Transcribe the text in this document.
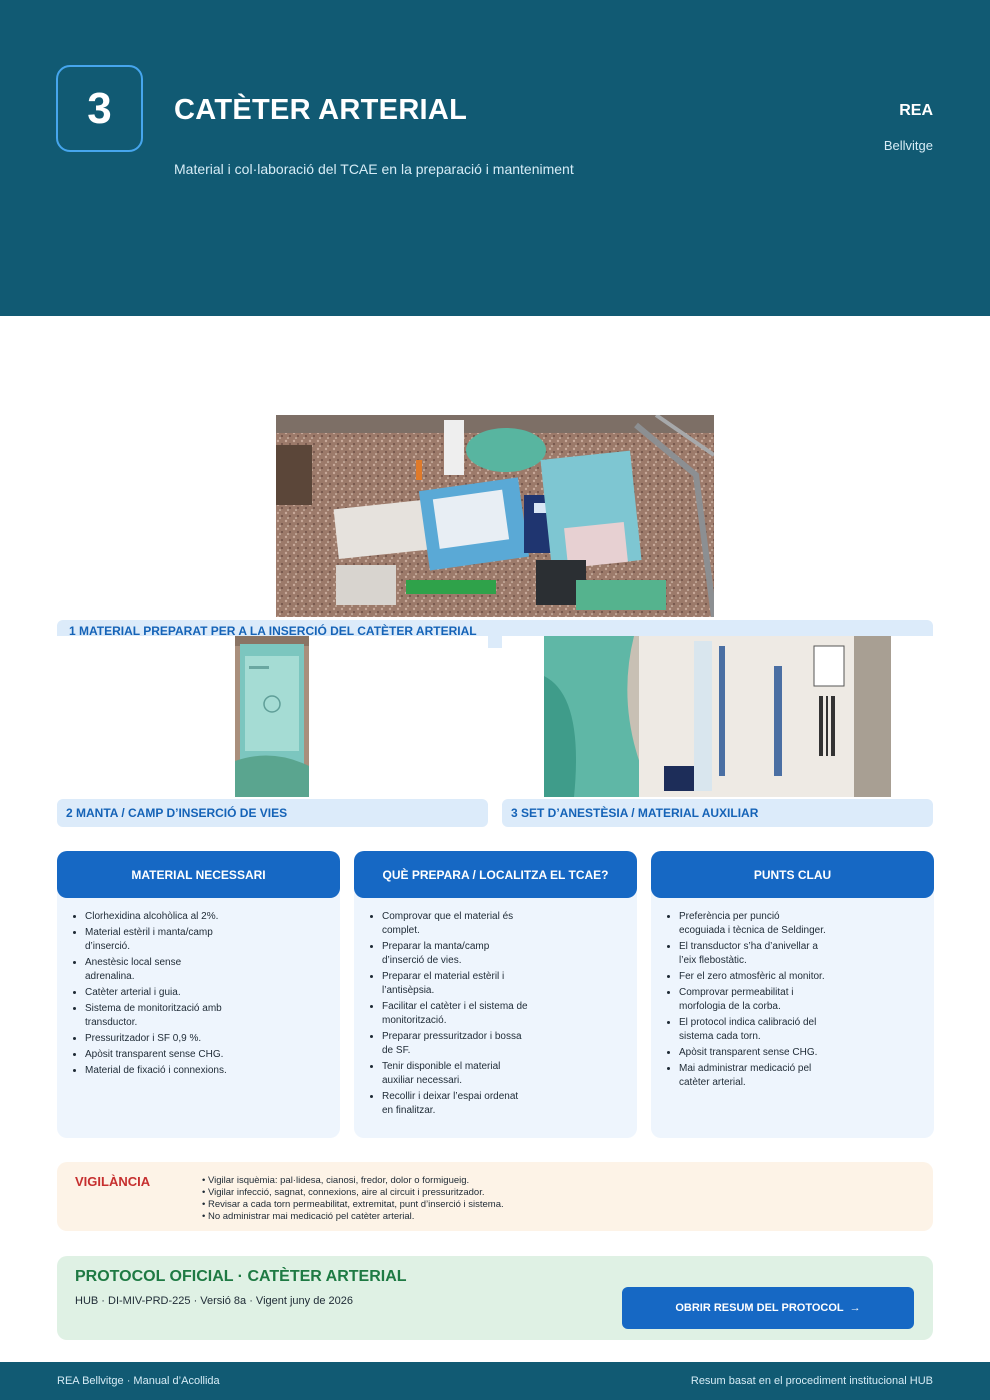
3	CATÈTER ARTERIAL
Material i col·laboració del TCAE en la preparació i manteniment
REA
Bellvitge
1 MATERIAL PREPARAT PER A LA INSERCIÓ DEL CATÈTER ARTERIAL
2 MANTA / CAMP D’INSERCIÓ DE VIES	3 SET D’ANESTÈSIA / MATERIAL AUXILIAR
MATERIAL NECESSARI
• Clorhexidina alcohòlica al 2%.
• Material estèril i manta/camp d’inserció.
• Anestèsic local sense adrenalina.
• Catèter arterial i guia.
• Sistema de monitorització amb transductor.
• Pressuritzador i SF 0,9 %.
• Apòsit transparent sense CHG.
• Material de fixació i connexions.
QUÈ PREPARA / LOCALITZA EL TCAE?
• Comprovar que el material és complet.
• Preparar la manta/camp d’inserció de vies.
• Preparar el material estèril i l’antisèpsia.
• Facilitar el catèter i el sistema de monitorització.
• Preparar pressuritzador i bossa de SF.
• Tenir disponible el material auxiliar necessari.
• Recollir i deixar l’espai ordenat en finalitzar.
PUNTS CLAU
• Preferència per punció ecoguiada i tècnica de Seldinger.
• El transductor s’ha d’anivellar a l’eix flebostàtic.
• Fer el zero atmosfèric al monitor.
• Comprovar permeabilitat i morfologia de la corba.
• El protocol indica calibració del sistema cada torn.
• Apòsit transparent sense CHG.
• Mai administrar medicació pel catèter arterial.
VIGILÀNCIA	• Vigilar isquèmia: pal·lidesa, cianosi, fredor, dolor o formigueig.
• Vigilar infecció, sagnat, connexions, aire al circuit i pressuritzador.
• Revisar a cada torn permeabilitat, extremitat, punt d’inserció i sistema.
• No administrar mai medicació pel catèter arterial.
PROTOCOL OFICIAL · CATÈTER ARTERIAL
HUB · DI-MIV-PRD-225 · Versió 8a · Vigent juny de 2026
OBRIR RESUM DEL PROTOCOL →
REA Bellvitge · Manual d’Acollida	Resum basat en el procediment institucional HUB
